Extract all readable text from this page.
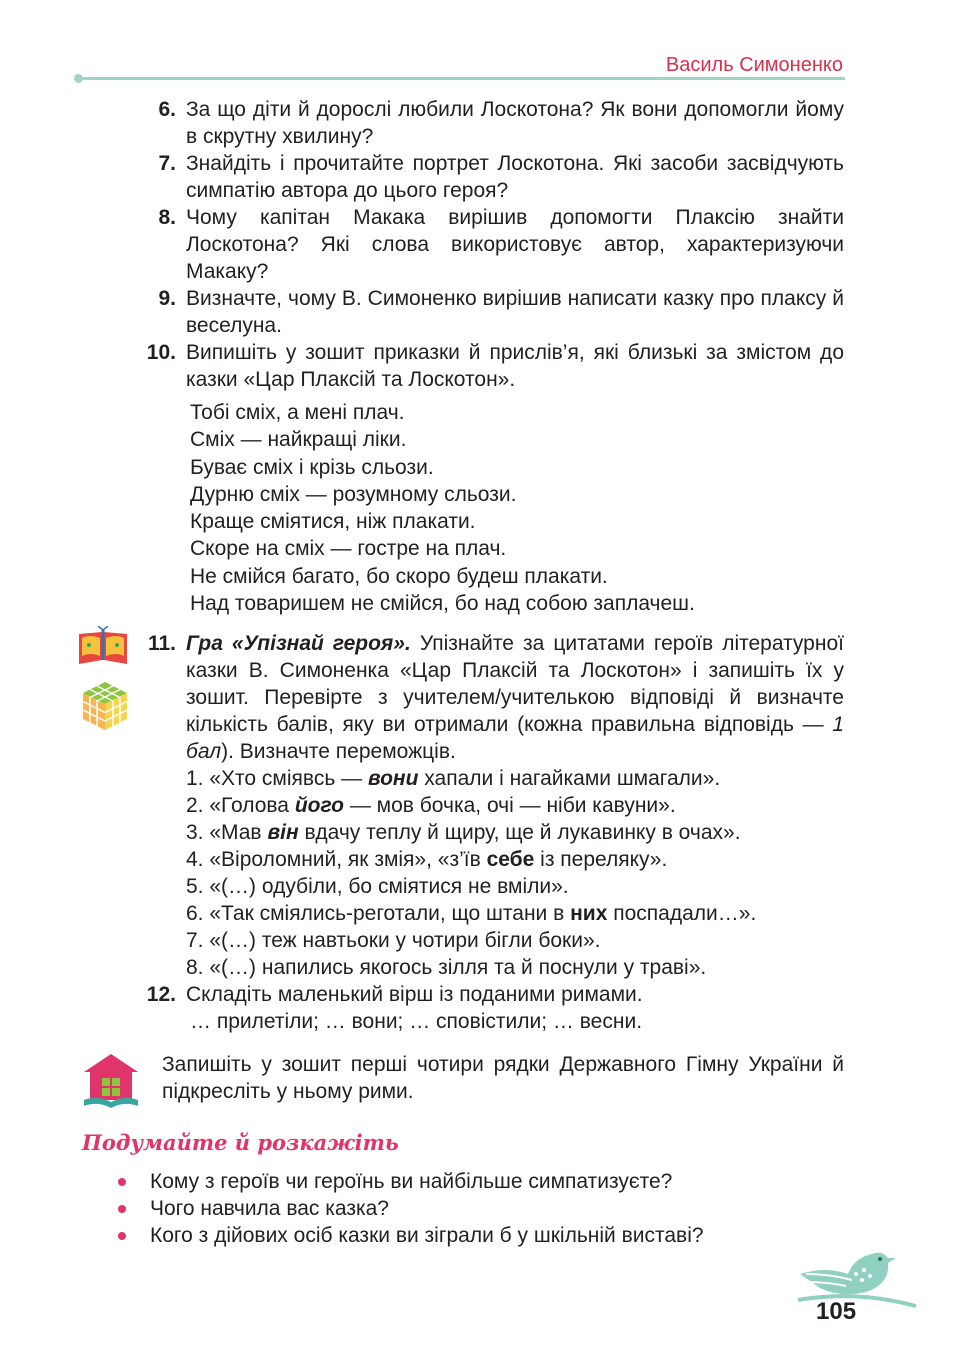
Василь Симоненко
6. За що діти й дорослі любили Лоскотона? Як вони допомогли йому в скрутну хвилину?
7. Знайдіть і прочитайте портрет Лоскотона. Які засоби засвідчують симпатію автора до цього героя?
8. Чому капітан Макака вирішив допомогти Плаксію знайти Лоскотона? Які слова використовує автор, характеризуючи Макаку?
9. Визначте, чому В. Симоненко вирішив написати казку про плаксу й веселуна.
10. Випишіть у зошит приказки й прислів’я, які близькі за змістом до казки «Цар Плаксій та Лоскотон».
Тобі сміх, а мені плач.
Сміх — найкращі ліки.
Буває сміх і крізь сльози.
Дурню сміх — розумному сльози.
Краще сміятися, ніж плакати.
Скоре на сміх — гостре на плач.
Не смійся багато, бо скоро будеш плакати.
Над товаришем не смійся, бо над собою заплачеш.
11. Гра «Упізнай героя». Упізнайте за цитатами героїв літературної казки В. Симоненка «Цар Плаксій та Лоскотон» і запишіть їх у зошит. Перевірте з учителем/учителькою відповіді й визначте кількість балів, яку ви отримали (кожна правильна відповідь — 1 бал). Визначте переможців.
1. «Хто сміявсь — вони хапали і нагайками шмагали».
2. «Голова його — мов бочка, очі — ніби кавуни».
3. «Мав він вдачу теплу й щиру, ще й лукавинку в очах».
4. «Віроломний, як змія», «з’їв себе із переляку».
5. «(…) одубіли, бо сміятися не вміли».
6. «Так сміялись-реготали, що штани в них поспадали…».
7. «(…) теж навтьоки у чотири бігли боки».
8. «(…) напились якогось зілля та й поснули у траві».
12. Складіть маленький вірш із поданими римами.
… прилетіли; … вони; … сповістили; … весни.
Запишіть у зошит перші чотири рядки Державного Гімну України й підкресліть у ньому рими.
Подумайте й розкажіть
Кому з героїв чи героїнь ви найбільше симпатизуєте?
Чого навчила вас казка?
Кого з дійових осіб казки ви зіграли б у шкільній виставі?
105
